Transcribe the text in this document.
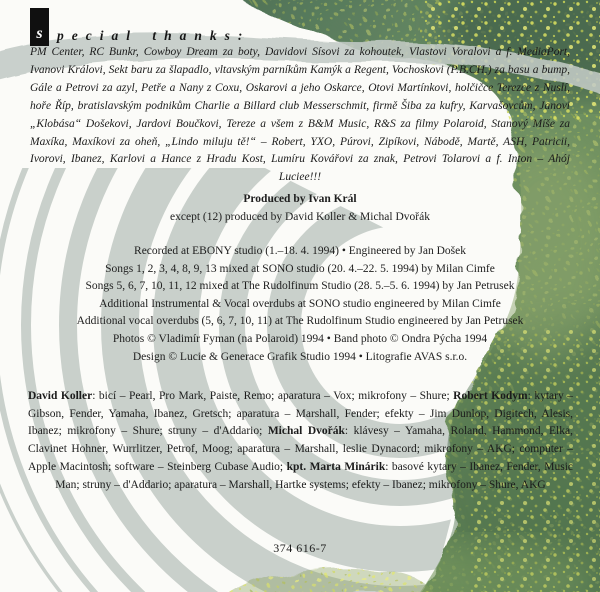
s	pecial thanks:

PM Center, RC Bunkr, Cowboy Dream za boty, Davidovi Sísovi za kohoutek, Vlastovi Voralovi a f. MediaPort, Ivanovi Královi, Sekt baru za šlapadlo, vltavským parníkům Kamýk a Regent, Vochoskovi (P.B.CH.) za basu a bump, Gále a Petrovi za azyl, Petře a Nany z Coxu, Oskarovi a jeho Oskarce, Otovi Martínkovi, holčičce Terezce z Nuslí, hoře Říp, bratislavským podnikům Charlie a Billard club Messerschmit, firmě Šiba za kufry, Karvašovcům, Janovi „Klobása“ Došekovi, Jardovi Boučkovi, Tereze a všem z B&M Music, R&S za filmy Polaroid, Stanový Míše za Maxíka, Maxíkovi za oheň, „Lindo miluju tě!“ – Robert, YXO, Púrovi, Zipíkovi, Nábodě, Martě, ASH, Patricii, Ivorovi, Ibanez, Karlovi a Hance z Hradu Kost, Lumíru Kovářovi za znak, Petrovi Tolarovi a f. Inton – Ahój Luciee!!!

Produced by Ivan Král
except (12) produced by David Koller & Michal Dvořák
Recorded at EBONY studio (1.–18. 4. 1994) • Engineered by Jan Došek
Songs 1, 2, 3, 4, 8, 9, 13 mixed at SONO studio (20. 4.–22. 5. 1994) by Milan Cimfe
Songs 5, 6, 7, 10, 11, 12 mixed at The Rudolfinum Studio (28. 5.–5. 6. 1994) by Jan Petrusek
Additional Instrumental & Vocal overdubs at SONO studio engineered by Milan Cimfe
Additional vocal overdubs (5, 6, 7, 10, 11) at The Rudolfinum Studio engineered by Jan Petrusek
Photos © Vladimír Fyman (na Polaroid) 1994 • Band photo © Ondra Pýcha 1994
Design © Lucie & Generace Grafik Studio 1994 • Litografie AVAS s.r.o.

David Koller: bicí – Pearl, Pro Mark, Paiste, Remo; aparatura – Vox; mikrofony – Shure; Robert Kodym: kytary – Gibson, Fender, Yamaha, Ibanez, Gretsch; aparatura – Marshall, Fender; efekty – Jim Dunlop, Digitech, Alesis, Ibanez; mikrofony – Shure; struny – d'Addario; Michal Dvořák: klávesy – Yamaha, Roland, Hammond, Elka, Clavinet Hohner, Wurrlitzer, Petrof, Moog; aparatura – Marshall, leslie Dynacord; mikrofony – AKG; computer – Apple Macintosh; software – Steinberg Cubase Audio; kpt. Marta Minárik: basové kytary – Ibanez, Fender, Music Man; struny – d'Addario; aparatura – Marshall, Hartke systems; efekty – Ibanez; mikrofony – Shure, AKG

374 616-7
